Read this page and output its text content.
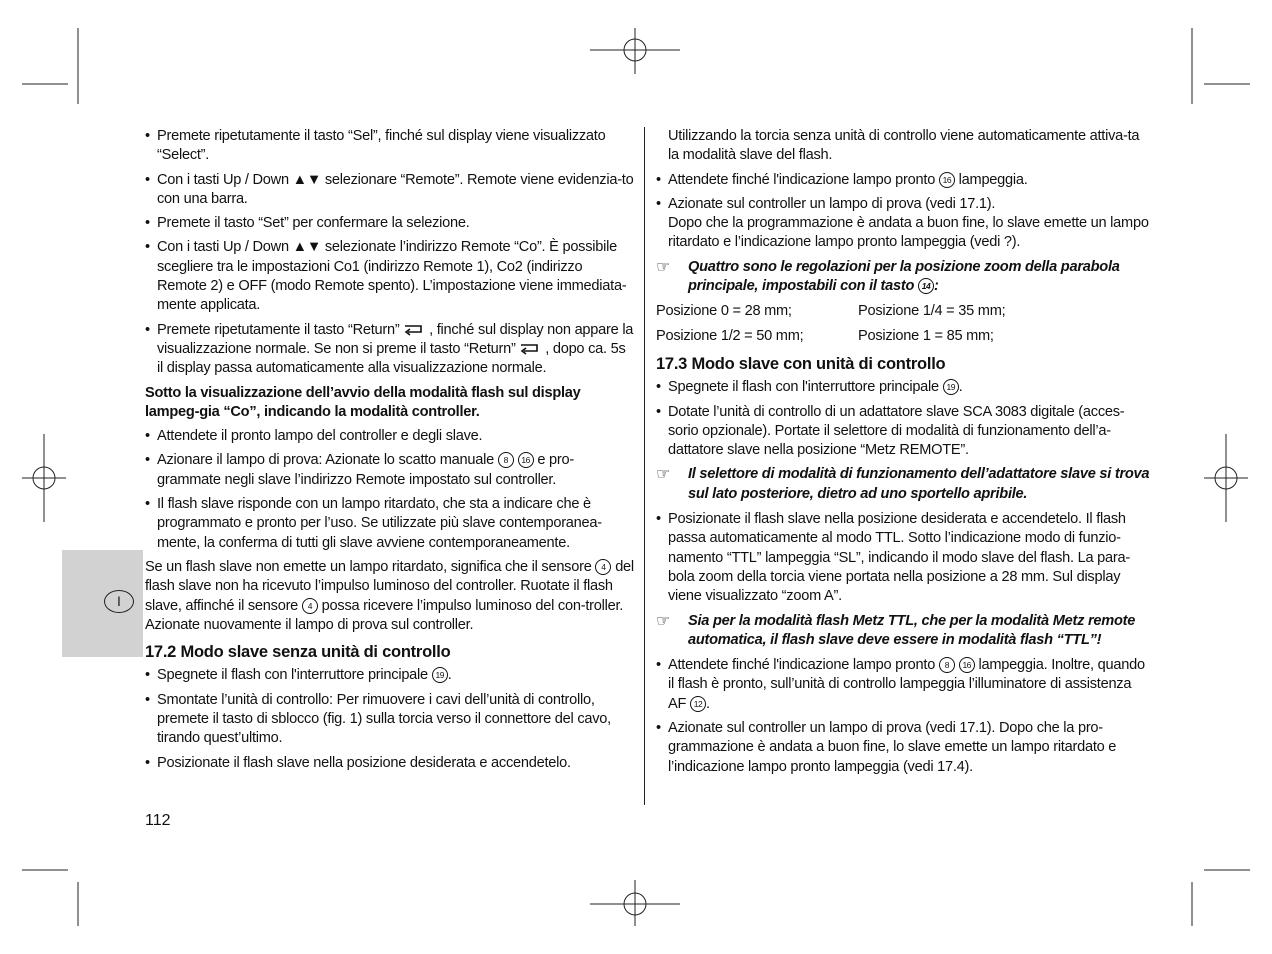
I
• Premete ripetutamente il tasto “Sel”, finché sul display viene visualizzato “Select”.
• Con i tasti Up / Down ▲▼ selezionare “Remote”. Remote viene evidenzia-to con una barra.
• Premete il tasto “Set” per confermare la selezione.
• Con i tasti Up / Down ▲▼ selezionate l’indirizzo Remote “Co”. È possibile scegliere tra le impostazioni Co1 (indirizzo Remote 1), Co2 (indirizzo Remote 2) e OFF (modo Remote spento). L’impostazione viene immediata-mente applicata.
• Premete ripetutamente il tasto “Return”  , finché sul display non appare la visualizzazione normale. Se non si preme il tasto “Return”  , dopo ca. 5s il display passa automaticamente alla visualizzazione normale.

Sotto la visualizzazione dell’avvio della modalità flash sul display lampeg-gia “Co”, indicando la modalità controller.

• Attendete il pronto lampo del controller e degli slave.
• Azionare il lampo di prova: Azionate lo scatto manuale 8 16 e pro-grammate negli slave l’indirizzo Remote impostato sul controller.
• Il flash slave risponde con un lampo ritardato, che sta a indicare che è programmato e pronto per l’uso. Se utilizzate più slave contemporanea-mente, la conferma di tutti gli slave avviene contemporaneamente.

Se un flash slave non emette un lampo ritardato, significa che il sensore 4 del flash slave non ha ricevuto l’impulso luminoso del controller. Ruotate il flash slave, affinché il sensore 4 possa ricevere l’impulso luminoso del con-troller. Azionate nuovamente il lampo di prova sul controller.

17.2 Modo slave senza unità di controllo
• Spegnete il flash con l'interruttore principale 19 .
• Smontate l’unità di controllo: Per rimuovere i cavi dell’unità di controllo, premete il tasto di sblocco (fig. 1) sulla torcia verso il connettore del cavo, tirando quest’ultimo.
• Posizionate il flash slave nella posizione desiderata e accendetelo.

Utilizzando la torcia senza unità di controllo viene automaticamente attiva-ta la modalità slave del flash.

• Attendete finché l'indicazione lampo pronto 16 lampeggia.
• Azionate sul controller un lampo di prova (vedi 17.1).
Dopo che la programmazione è andata a buon fine, lo slave emette un lampo ritardato e l’indicazione lampo pronto lampeggia (vedi ?).
☞	Quattro sono le regolazioni per la posizione zoom della parabola principale, impostabili con il tasto 14 :
Posizione 0 = 28 mm;	Posizione 1/4 = 35 mm;
Posizione 1/2 = 50 mm;	Posizione 1 = 85 mm;
17.3 Modo slave con unità di controllo
• Spegnete il flash con l'interruttore principale 19 .
• Dotate l’unità di controllo di un adattatore slave SCA 3083 digitale (acces-sorio opzionale). Portate il selettore di modalità di funzionamento dell’a-dattatore slave nella posizione “Metz REMOTE”.
☞	Il selettore di modalità di funzionamento dell’adattatore slave si trova sul lato posteriore, dietro ad uno sportello apribile.
• Posizionate il flash slave nella posizione desiderata e accendetelo. Il flash passa automaticamente al modo TTL. Sotto l’indicazione modo di funzio-namento “TTL” lampeggia “SL”, indicando il modo slave del flash. La para-bola zoom della torcia viene portata nella posizione a 28 mm. Sul display viene visualizzato “zoom A”.
☞	Sia per la modalità flash Metz TTL, che per la modalità Metz remote automatica, il flash slave deve essere in modalità flash “TTL”!
• Attendete finché l'indicazione lampo pronto 8 16 lampeggia. Inoltre, quando il flash è pronto, sull’unità di controllo lampeggia l’illuminatore di assistenza AF 12 .
• Azionate sul controller un lampo di prova (vedi 17.1). Dopo che la pro-grammazione è andata a buon fine, lo slave emette un lampo ritardato e l’indicazione lampo pronto lampeggia (vedi 17.4).
112
